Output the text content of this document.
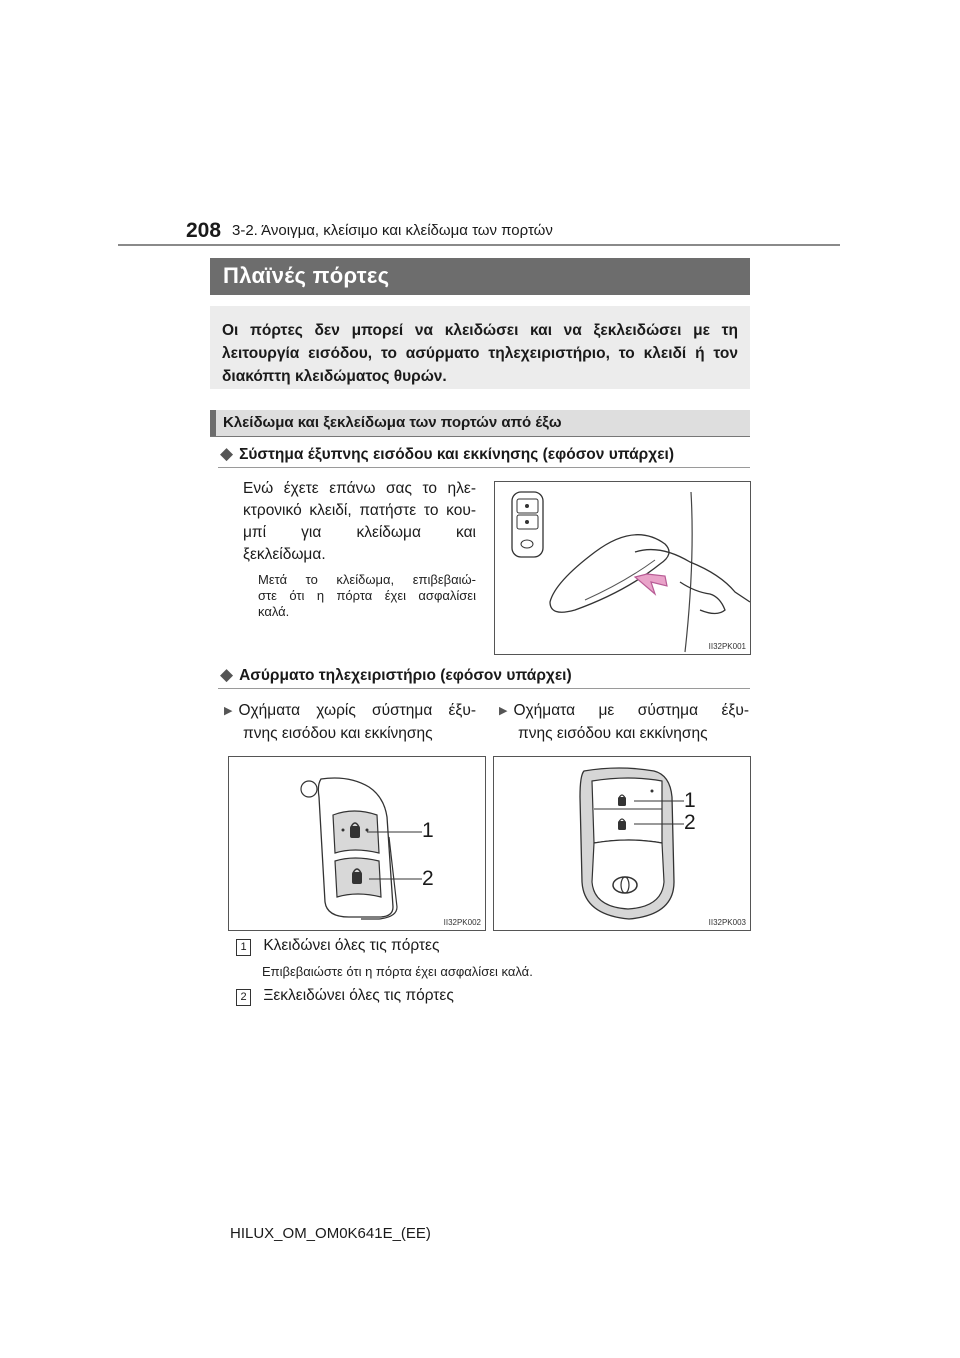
208 3-2. Άνοιγμα, κλείσιμο και κλείδωμα των πορτών
Πλαϊνές πόρτες

Οι πόρτες δεν μπορεί να κλειδώσει και να ξεκλειδώσει με τη λειτουργία εισόδου, το ασύρματο τηλεχειριστήριο, το κλειδί ή τον διακόπτη κλειδώματος θυρών.

Κλείδωμα και ξεκλείδωμα των πορτών από έξω
◆ Σύστημα έξυπνης εισόδου και εκκίνησης (εφόσον υπάρχει)
Ενώ έχετε επάνω σας το ηλε-
κτρονικό κλειδί, πατήστε το κου-
μπί για κλείδωμα και
ξεκλείδωμα.
Μετά το κλείδωμα, επιβεβαιώ-
στε ότι η πόρτα έχει ασφαλίσει
καλά.
II32PK001
◆ Ασύρματο τηλεχειριστήριο (εφόσον υπάρχει)
▶ Οχήματα χωρίς σύστημα έξυ-
πνης εισόδου και εκκίνησης
▶ Οχήματα με σύστημα έξυ-
πνης εισόδου και εκκίνησης
1
2
II32PK002
1
2
II32PK003
1 Κλειδώνει όλες τις πόρτες
Επιβεβαιώστε ότι η πόρτα έχει ασφαλίσει καλά.
2 Ξεκλειδώνει όλες τις πόρτες
HILUX_OM_OM0K641E_(EE)
